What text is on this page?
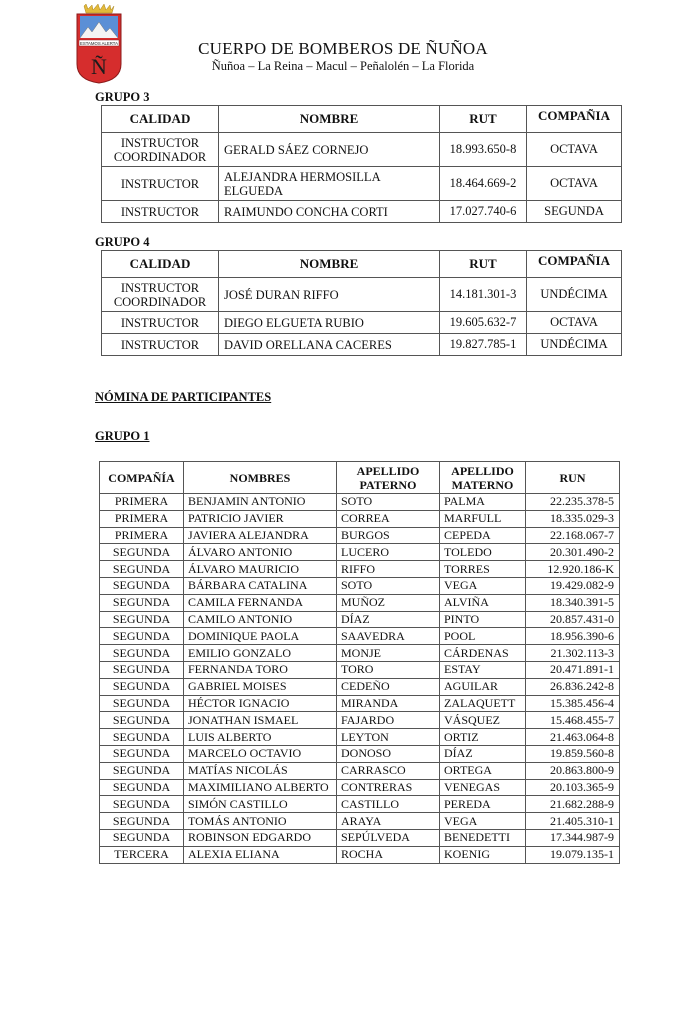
ESTAMOS ALERTA
Ñ
CUERPO DE BOMBEROS DE ÑUÑOA
Ñuñoa – La Reina – Macul – Peñalolén – La Florida
GRUPO 3
CALIDAD	NOMBRE	RUT	COMPAÑIA

INSTRUCTOR
COORDINADOR	GERALD SÁEZ CORNEJO	18.993.650-8	OCTAVA

INSTRUCTOR	ALEJANDRA HERMOSILLA
ELGUEDA	18.464.669-2	OCTAVA

INSTRUCTOR	RAIMUNDO CONCHA CORTI	17.027.740-6	SEGUNDA
GRUPO 4
CALIDAD	NOMBRE	RUT	COMPAÑIA

INSTRUCTOR
COORDINADOR	JOSÉ DURAN RIFFO	14.181.301-3	UNDÉCIMA

INSTRUCTOR	DIEGO ELGUETA RUBIO	19.605.632-7	OCTAVA

INSTRUCTOR	DAVID ORELLANA CACERES	19.827.785-1	UNDÉCIMA
NÓMINA DE PARTICIPANTES
GRUPO 1
COMPAÑÍA	NOMBRES	APELLIDO PATERNO	APELLIDO MATERNO	RUN
PRIMERA	BENJAMIN ANTONIO	SOTO	PALMA	22.235.378-5
PRIMERA	PATRICIO JAVIER	CORREA	MARFULL	18.335.029-3
PRIMERA	JAVIERA ALEJANDRA	BURGOS	CEPEDA	22.168.067-7
SEGUNDA	ÁLVARO ANTONIO	LUCERO	TOLEDO	20.301.490-2
SEGUNDA	ÁLVARO MAURICIO	RIFFO	TORRES	12.920.186-K
SEGUNDA	BÁRBARA CATALINA	SOTO	VEGA	19.429.082-9
SEGUNDA	CAMILA FERNANDA	MUÑOZ	ALVIÑA	18.340.391-5
SEGUNDA	CAMILO ANTONIO	DÍAZ	PINTO	20.857.431-0
SEGUNDA	DOMINIQUE PAOLA	SAAVEDRA	POOL	18.956.390-6
SEGUNDA	EMILIO GONZALO	MONJE	CÁRDENAS	21.302.113-3
SEGUNDA	FERNANDA TORO	TORO	ESTAY	20.471.891-1
SEGUNDA	GABRIEL MOISES	CEDEÑO	AGUILAR	26.836.242-8
SEGUNDA	HÉCTOR IGNACIO	MIRANDA	ZALAQUETT	15.385.456-4
SEGUNDA	JONATHAN ISMAEL	FAJARDO	VÁSQUEZ	15.468.455-7
SEGUNDA	LUIS ALBERTO	LEYTON	ORTIZ	21.463.064-8
SEGUNDA	MARCELO OCTAVIO	DONOSO	DÍAZ	19.859.560-8
SEGUNDA	MATÍAS NICOLÁS	CARRASCO	ORTEGA	20.863.800-9
SEGUNDA	MAXIMILIANO ALBERTO	CONTRERAS	VENEGAS	20.103.365-9
SEGUNDA	SIMÓN CASTILLO	CASTILLO	PEREDA	21.682.288-9
SEGUNDA	TOMÁS ANTONIO	ARAYA	VEGA	21.405.310-1
SEGUNDA	ROBINSON EDGARDO	SEPÚLVEDA	BENEDETTI	17.344.987-9
TERCERA	ALEXIA ELIANA	ROCHA	KOENIG	19.079.135-1
